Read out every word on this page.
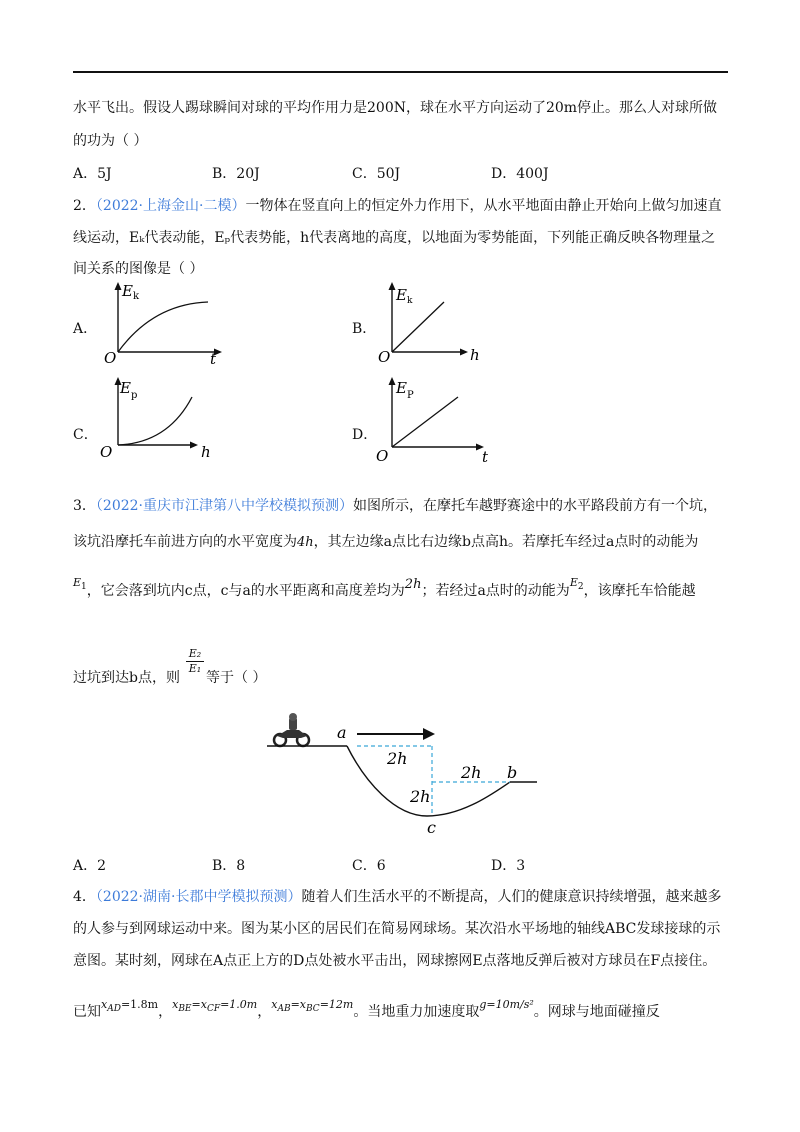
水平飞出。假设人踢球瞬间对球的平均作用力是200N，球在水平方向运动了20m停止。那么人对球所做
的功为（ ）
A．5J	B．20J	C．50J	D．400J
2．（2022·上海金山·二模）一物体在竖直向上的恒定外力作用下，从水平地面由静止开始向上做匀加速直
线运动，Eₖ代表动能，Eₚ代表势能，h代表离地的高度，以地面为零势能面，下列能正确反映各物理量之
间关系的图像是（ ）
A．
$E_k$
O	t
B．
$E_k$
O	h
C．
$E_p$
O	h
D．
$E_P$
O	t
3．（2022·重庆市江津第八中学校模拟预测）如图所示，在摩托车越野赛途中的水平路段前方有一个坑，
该坑沿摩托车前进方向的水平宽度为4h，其左边缘a点比右边缘b点高h。若摩托车经过a点时的动能为
$^{E_1}$，它会落到坑内c点，c与a的水平距离和高度差均为2h；若经过a点时的动能为$^{E_2}$，该摩托车恰能越
过坑到达b点，则
$\frac{\text{E₂}}{\text{E₁}}$
等于（ ）
a
b
c
2h
2h
2h
A．2	B．8	C．6	D．3
4．（2022·湖南·长郡中学模拟预测）随着人们生活水平的不断提高，人们的健康意识持续增强，越来越多
的人参与到网球运动中来。图为某小区的居民们在简易网球场。某次沿水平场地的轴线ABC发球接球的示
意图。某时刻，网球在A点正上方的D点处被水平击出，网球擦网E点落地反弹后被对方球员在F点接住。
已知$^{x_{AD}=1.8m}$，$^{x_{BE}=x_{CF}=1.0m}$，$^{x_{AB}=x_{BC}=12m}$。当地重力加速度取$^{g=10m/s^2}$。网球与地面碰撞反
